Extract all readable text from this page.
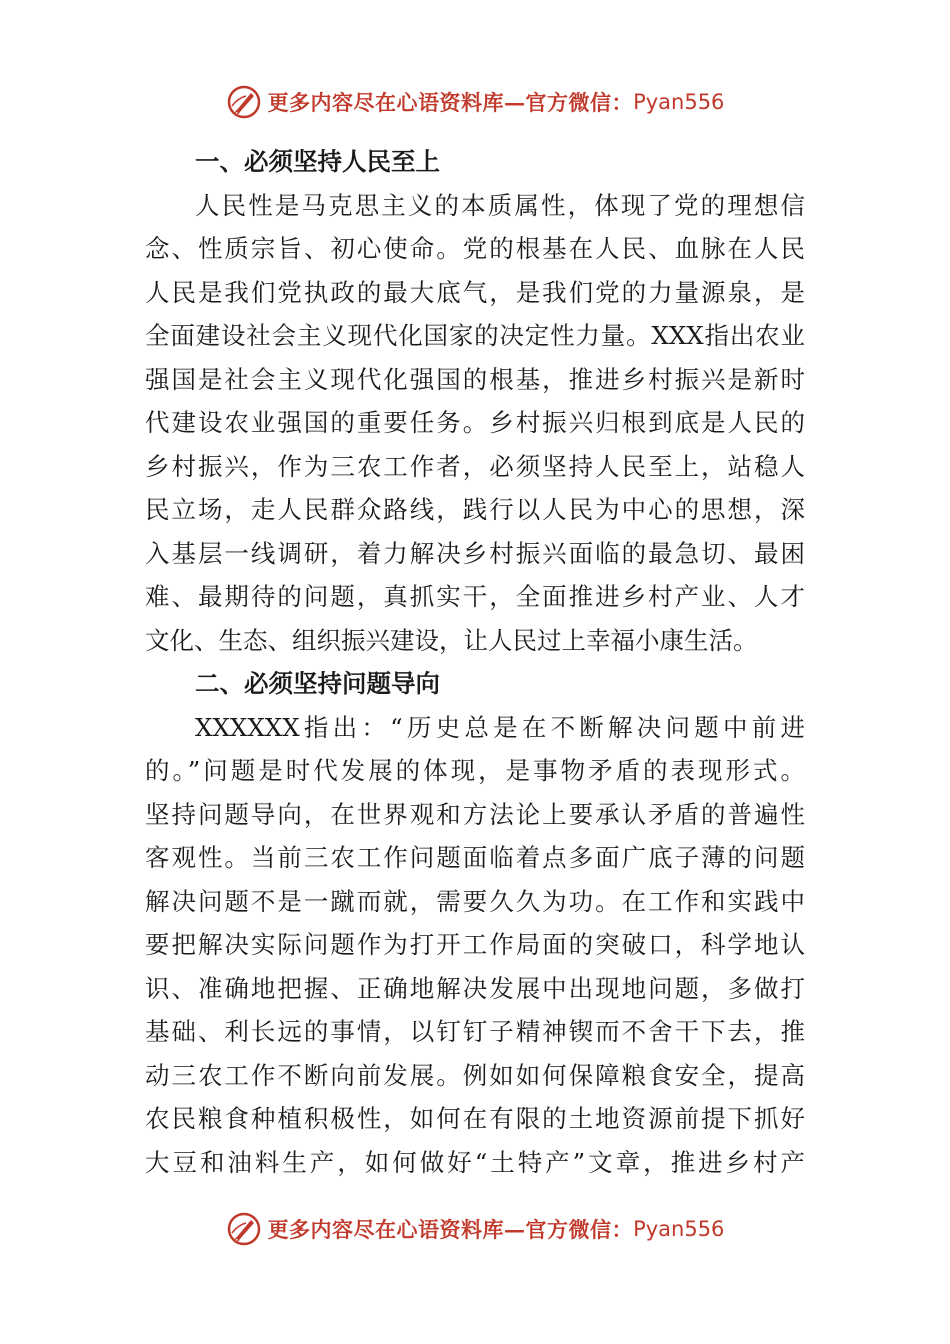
更多内容尽在心语资料库—官方微信： Pyan556
一、必须坚持人民至上
人民性是马克思主义的本质属性，体现了党的理想信
念、性质宗旨、初心使命。党的根基在人民、血脉在人民
人民是我们党执政的最大底气，是我们党的力量源泉，是
全面建设社会主义现代化国家的决定性力量。XXX指出农业
强国是社会主义现代化强国的根基，推进乡村振兴是新时
代建设农业强国的重要任务。乡村振兴归根到底是人民的
乡村振兴，作为三农工作者，必须坚持人民至上，站稳人
民立场，走人民群众路线，践行以人民为中心的思想，深
入基层一线调研，着力解决乡村振兴面临的最急切、最困
难、最期待的问题，真抓实干，全面推进乡村产业、人才
文化、生态、组织振兴建设，让人民过上幸福小康生活。
二、必须坚持问题导向
XXXXXX指出：“历史总是在不断解决问题中前进
的。”问题是时代发展的体现，是事物矛盾的表现形式。
坚持问题导向，在世界观和方法论上要承认矛盾的普遍性
客观性。当前三农工作问题面临着点多面广底子薄的问题
解决问题不是一蹴而就，需要久久为功。在工作和实践中
要把解决实际问题作为打开工作局面的突破口，科学地认
识、准确地把握、正确地解决发展中出现地问题，多做打
基础、利长远的事情，以钉钉子精神锲而不舍干下去，推
动三农工作不断向前发展。例如如何保障粮食安全，提高
农民粮食种植积极性，如何在有限的土地资源前提下抓好
大豆和油料生产，如何做好“土特产”文章，推进乡村产
更多内容尽在心语资料库—官方微信： Pyan556
